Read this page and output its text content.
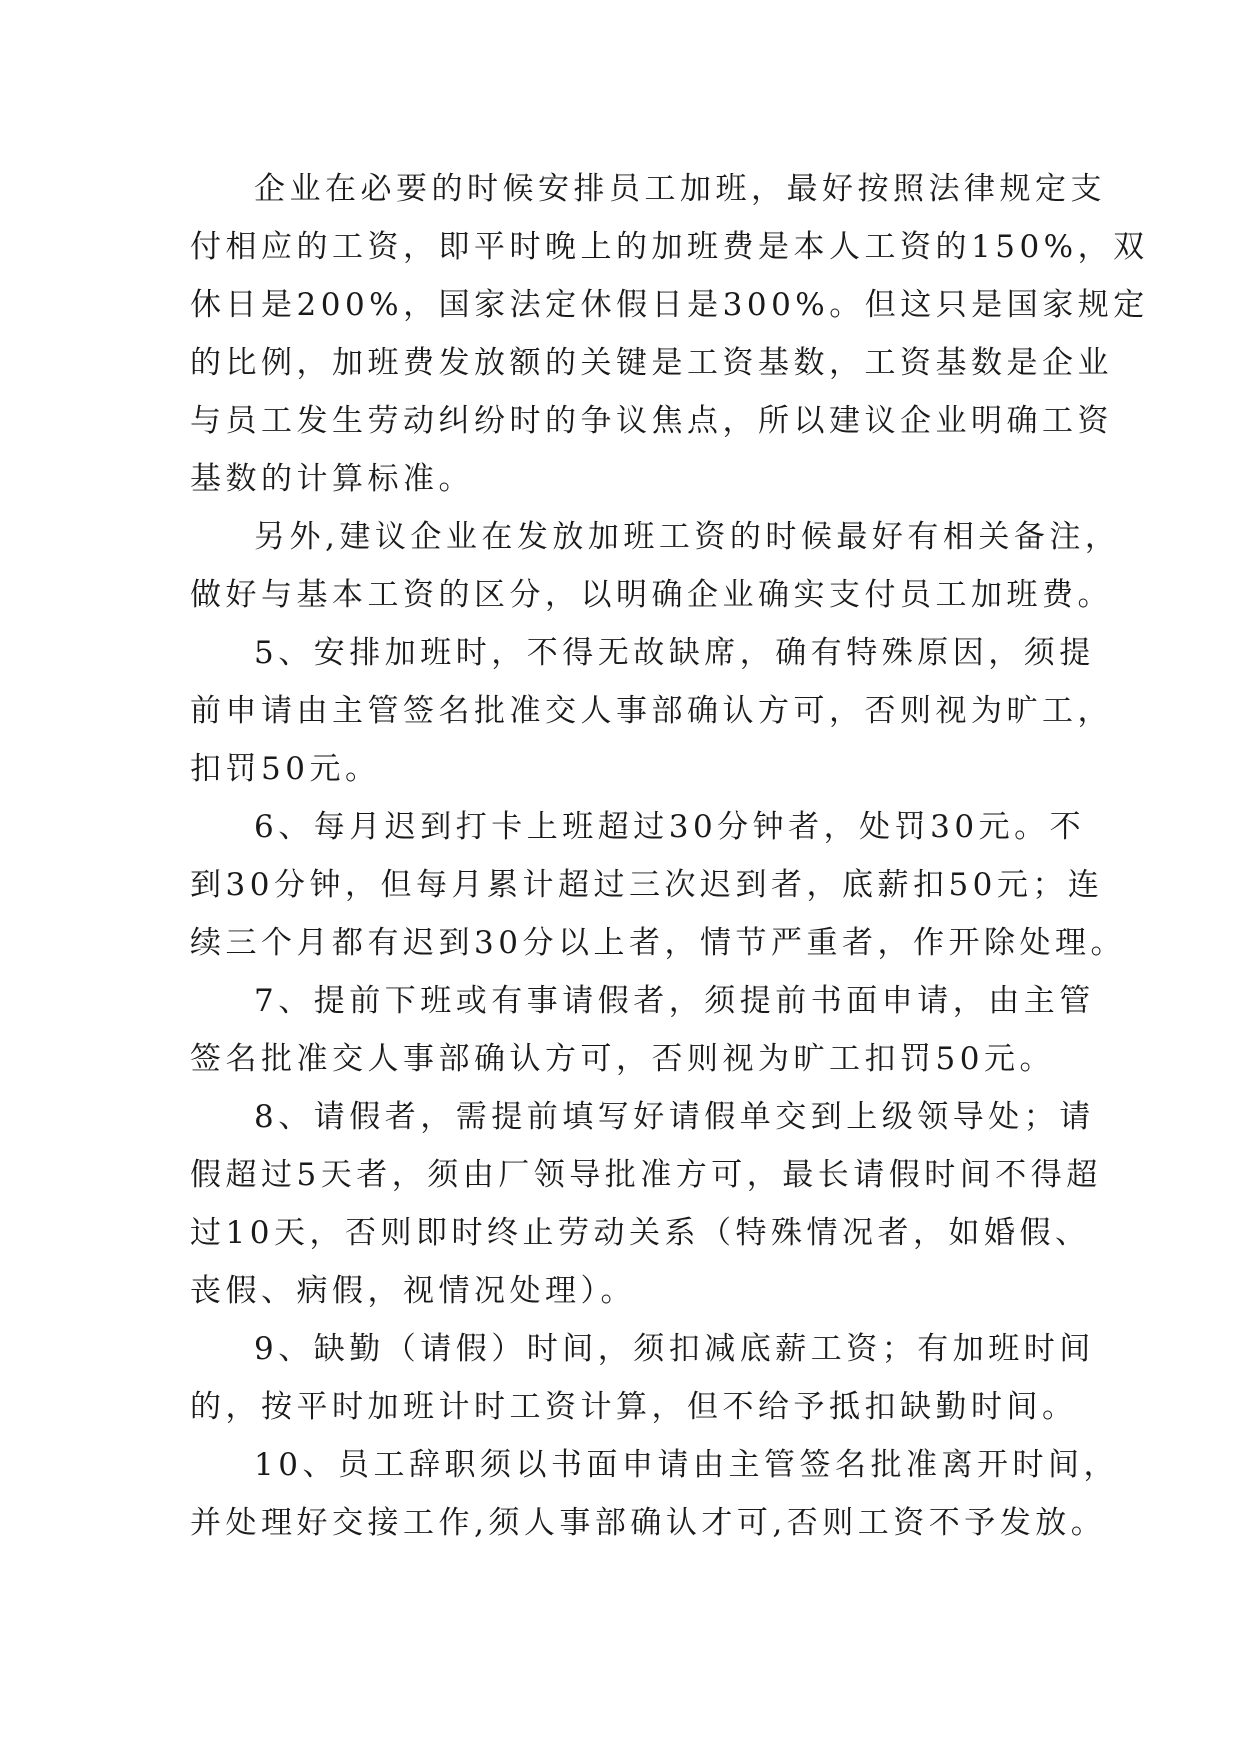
企业在必要的时候安排员工加班，最好按照法律规定支
付相应的工资，即平时晚上的加班费是本人工资的150%，双
休日是200%，国家法定休假日是300%。但这只是国家规定
的比例，加班费发放额的关键是工资基数，工资基数是企业
与员工发生劳动纠纷时的争议焦点，所以建议企业明确工资
基数的计算标准。
另外,建议企业在发放加班工资的时候最好有相关备注，
做好与基本工资的区分，以明确企业确实支付员工加班费。
5、安排加班时，不得无故缺席，确有特殊原因，须提
前申请由主管签名批准交人事部确认方可，否则视为旷工，
扣罚50元。
6、每月迟到打卡上班超过30分钟者，处罚30元。不
到30分钟，但每月累计超过三次迟到者，底薪扣50元；连
续三个月都有迟到30分以上者，情节严重者，作开除处理。
7、提前下班或有事请假者，须提前书面申请，由主管
签名批准交人事部确认方可，否则视为旷工扣罚50元。
8、请假者，需提前填写好请假单交到上级领导处；请
假超过5天者，须由厂领导批准方可，最长请假时间不得超
过10天，否则即时终止劳动关系（特殊情况者，如婚假、
丧假、病假，视情况处理）。
9、缺勤（请假）时间，须扣减底薪工资；有加班时间
的，按平时加班计时工资计算，但不给予抵扣缺勤时间。
10、员工辞职须以书面申请由主管签名批准离开时间，
并处理好交接工作,须人事部确认才可,否则工资不予发放。
